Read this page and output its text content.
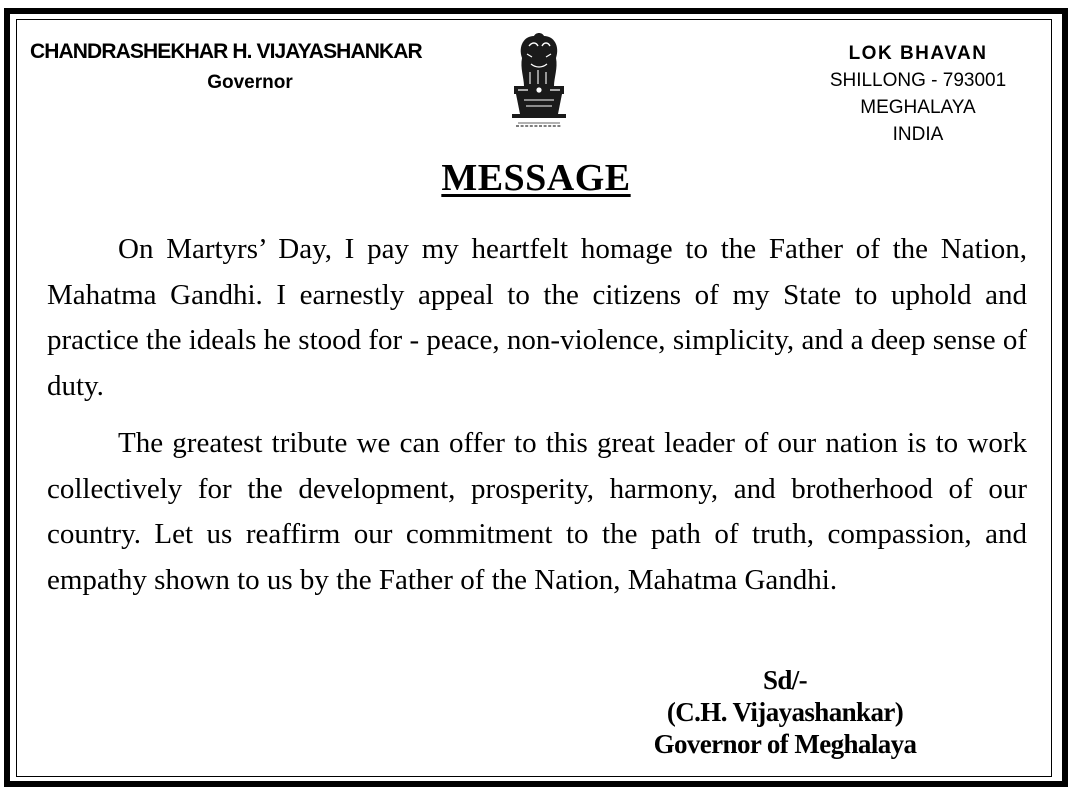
CHANDRASHEKHAR H. VIJAYASHANKAR
Governor
LOK BHAVAN
SHILLONG - 793001
MEGHALAYA
INDIA
MESSAGE

On Martyrs’ Day, I pay my heartfelt homage to the Father of the Nation, Mahatma Gandhi. I earnestly appeal to the citizens of my State to uphold and practice the ideals he stood for - peace, non-violence, simplicity, and a deep sense of duty.

The greatest tribute we can offer to this great leader of our nation is to work collectively for the development, prosperity, harmony, and brotherhood of our country. Let us reaffirm our commitment to the path of truth, compassion, and empathy shown to us by the Father of the Nation, Mahatma Gandhi.

Sd/-
(C.H. Vijayashankar)
Governor of Meghalaya
